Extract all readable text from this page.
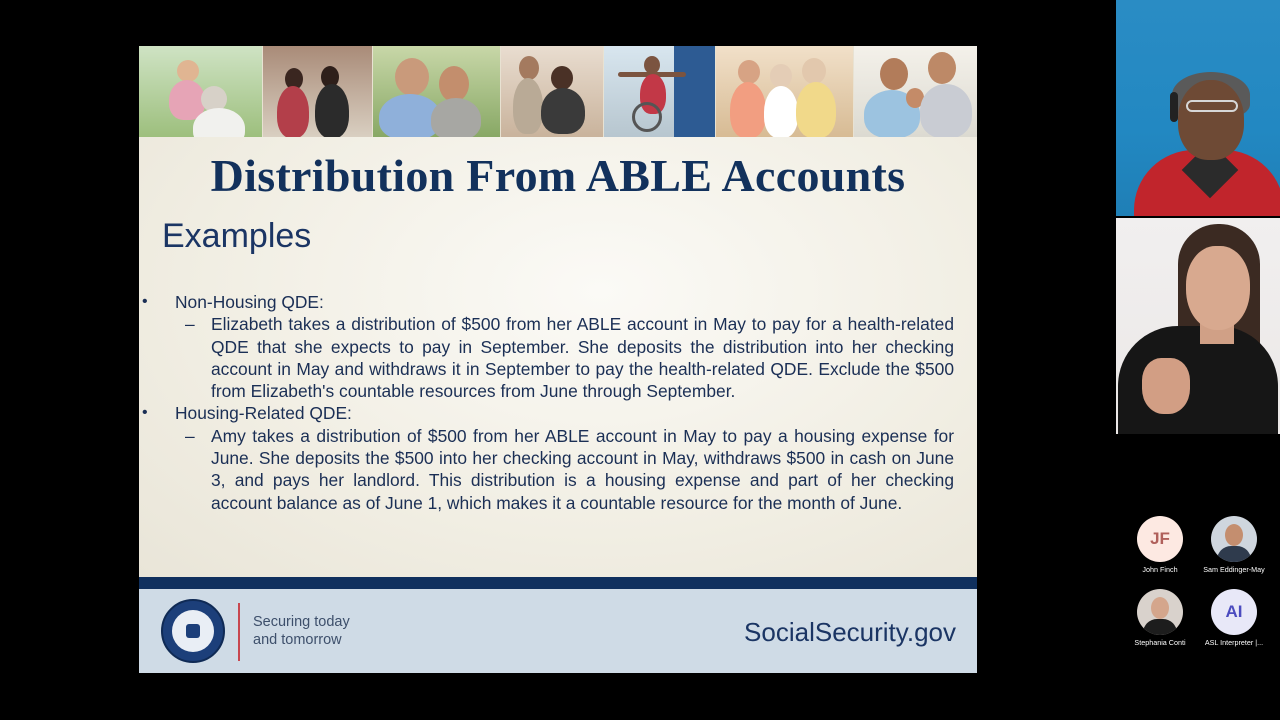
Distribution From ABLE Accounts
Examples
• Non-Housing QDE:
– Elizabeth takes a distribution of $500 from her ABLE account in May to pay for a health-related QDE that she expects to pay in September. She deposits the distribution into her checking account in May and withdraws it in September to pay the health-related QDE. Exclude the $500 from Elizabeth's countable resources from June through September.
• Housing-Related QDE:
– Amy takes a distribution of $500 from her ABLE account in May to pay a housing expense for June. She deposits the $500 into her checking account in May, withdraws $500 in cash on June 3, and pays her landlord. This distribution is a housing expense and part of her checking account balance as of June 1, which makes it a countable resource for the month of June.
Securing today
and tomorrow	SocialSecurity.gov
JF
John Finch	Sam Eddinger-May
Stephania Conti
AI
ASL Interpreter |...
